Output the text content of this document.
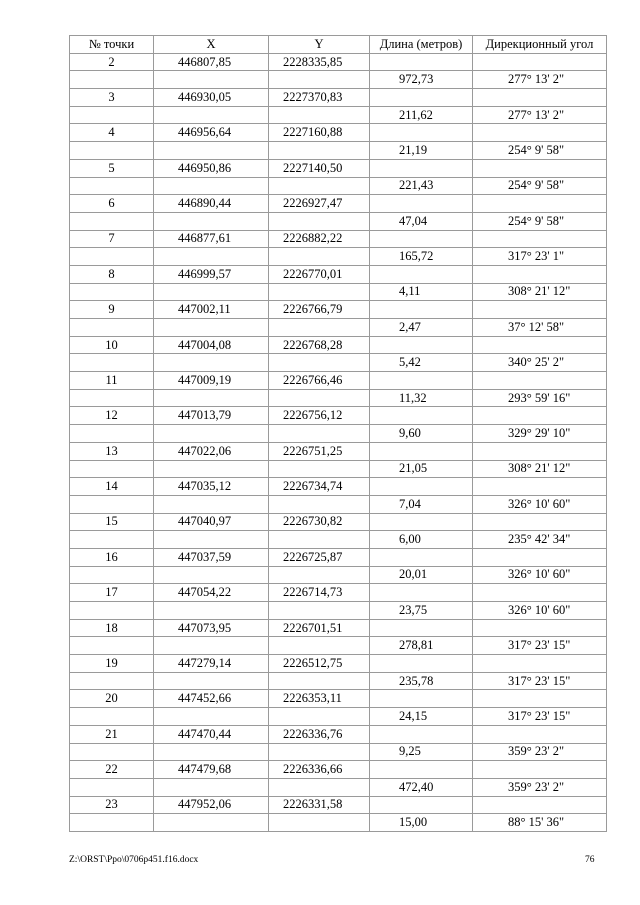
№ точки	X	Y	Длина (метров)	Дирекционный угол
2	446807,85	2228335,85		
			972,73	277° 13' 2"
3	446930,05	2227370,83		
			211,62	277° 13' 2"
4	446956,64	2227160,88		
			21,19	254° 9' 58"
5	446950,86	2227140,50		
			221,43	254° 9' 58"
6	446890,44	2226927,47		
			47,04	254° 9' 58"
7	446877,61	2226882,22		
			165,72	317° 23' 1"
8	446999,57	2226770,01		
			4,11	308° 21' 12"
9	447002,11	2226766,79		
			2,47	37° 12' 58"
10	447004,08	2226768,28		
			5,42	340° 25' 2"
11	447009,19	2226766,46		
			11,32	293° 59' 16"
12	447013,79	2226756,12		
			9,60	329° 29' 10"
13	447022,06	2226751,25		
			21,05	308° 21' 12"
14	447035,12	2226734,74		
			7,04	326° 10' 60"
15	447040,97	2226730,82		
			6,00	235° 42' 34"
16	447037,59	2226725,87		
			20,01	326° 10' 60"
17	447054,22	2226714,73		
			23,75	326° 10' 60"
18	447073,95	2226701,51		
			278,81	317° 23' 15"
19	447279,14	2226512,75		
			235,78	317° 23' 15"
20	447452,66	2226353,11		
			24,15	317° 23' 15"
21	447470,44	2226336,76		
			9,25	359° 23' 2"
22	447479,68	2226336,66		
			472,40	359° 23' 2"
23	447952,06	2226331,58		
			15,00	88° 15' 36"
Z:\ORST\Ppo\0706p451.f16.docx	76
